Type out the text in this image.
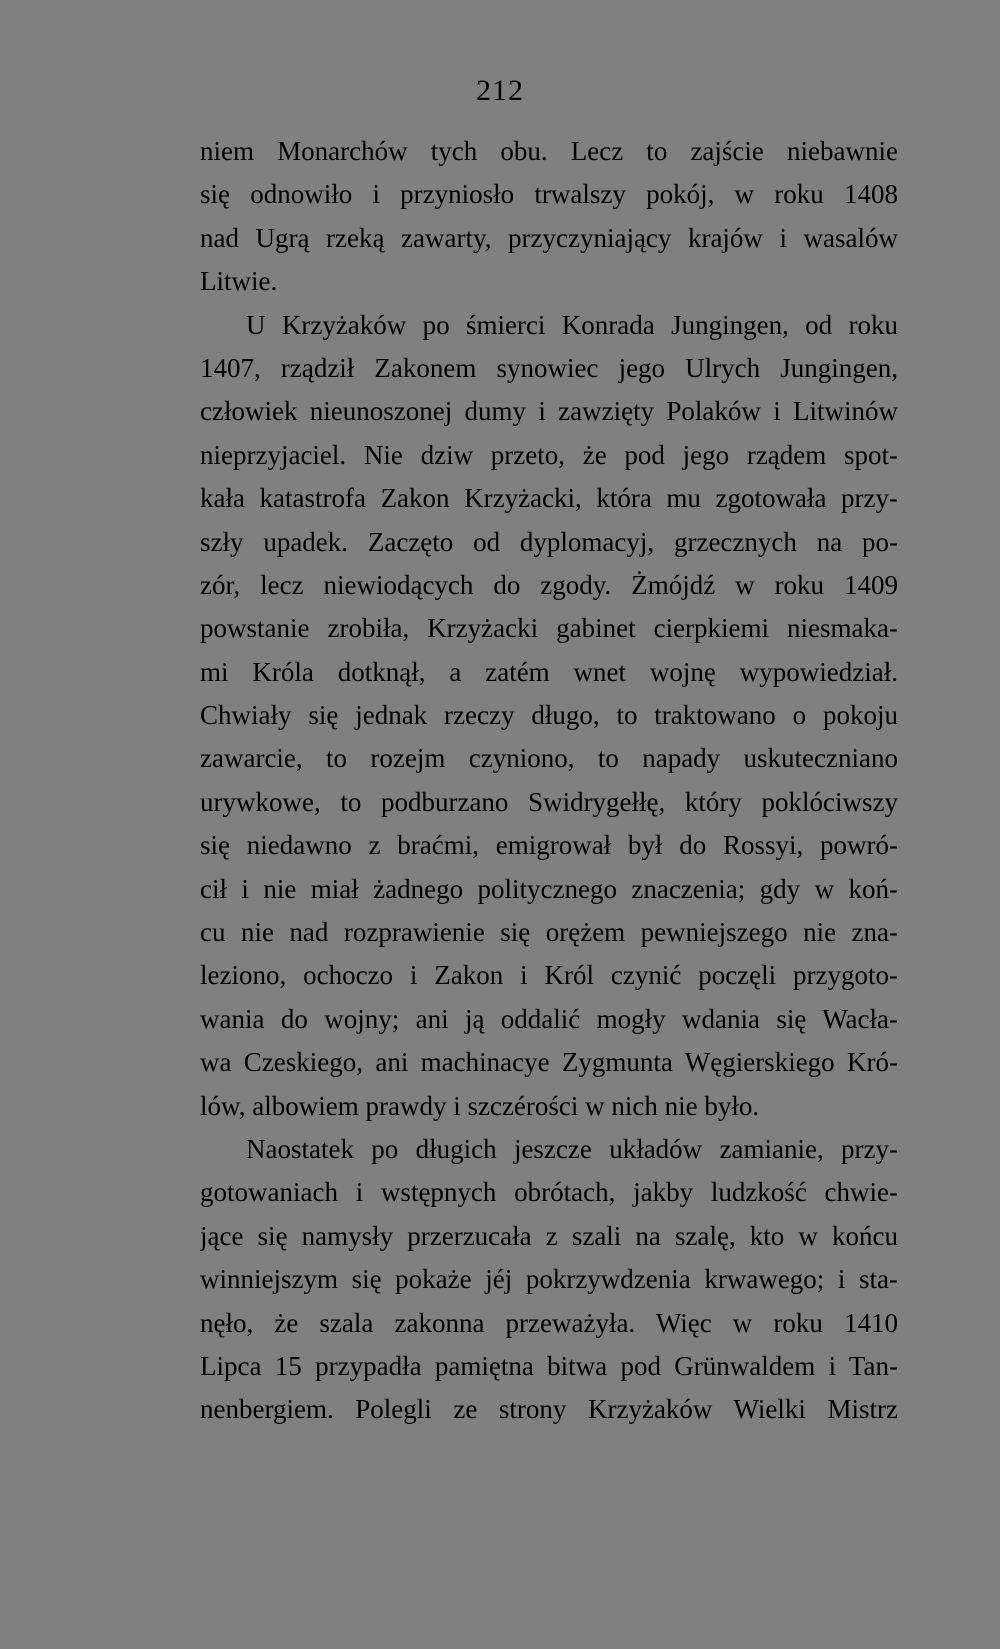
212
niem Monarchów tych obu. Lecz to zajście niebawnie
się odnowiło i przyniosło trwalszy pokój, w roku 1408
nad Ugrą rzeką zawarty, przyczyniający krajów i wasalów
Litwie.
U Krzyżaków po śmierci Konrada Jungingen, od roku
1407, rządził Zakonem synowiec jego Ulrych Jungingen,
człowiek nieunoszonej dumy i zawzięty Polaków i Litwinów
nieprzyjaciel. Nie dziw przeto, że pod jego rządem spot-
kała katastrofa Zakon Krzyżacki, która mu zgotowała przy-
szły upadek. Zaczęto od dyplomacyj, grzecznych na po-
zór, lecz niewiodących do zgody. Żmójdź w roku 1409
powstanie zrobiła, Krzyżacki gabinet cierpkiemi niesmaka-
mi Króla dotknął, a zatém wnet wojnę wypowiedział.
Chwiały się jednak rzeczy długo, to traktowano o pokoju
zawarcie, to rozejm czyniono, to napady uskuteczniano
urywkowe, to podburzano Swidrygełłę, który poklóciwszy
się niedawno z braćmi, emigrował był do Rossyi, powró-
cił i nie miał żadnego politycznego znaczenia; gdy w koń-
cu nie nad rozprawienie się orężem pewniejszego nie zna-
leziono, ochoczo i Zakon i Król czynić poczęli przygoto-
wania do wojny; ani ją oddalić mogły wdania się Wacła-
wa Czeskiego, ani machinacye Zygmunta Węgierskiego Kró-
lów, albowiem prawdy i szczérości w nich nie było.
Naostatek po długich jeszcze układów zamianie, przy-
gotowaniach i wstępnych obrótach, jakby ludzkość chwie-
jące się namysły przerzucała z szali na szalę, kto w końcu
winniejszym się pokaże jéj pokrzywdzenia krwawego; i sta-
nęło, że szala zakonna przeważyła. Więc w roku 1410
Lipca 15 przypadła pamiętna bitwa pod Grünwaldem i Tan-
nenbergiem. Polegli ze strony Krzyżaków Wielki Mistrz
